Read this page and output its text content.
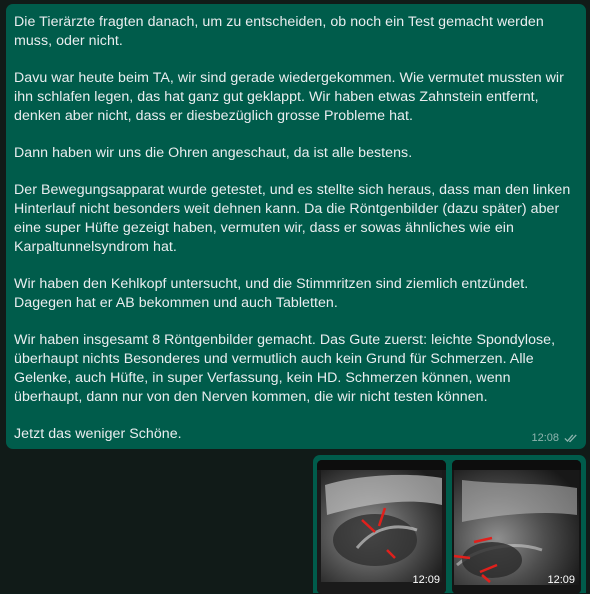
Die Tierärzte fragten danach, um zu entscheiden, ob noch ein Test gemacht werden muss, oder nicht.

Davu war heute beim TA, wir sind gerade wiedergekommen. Wie vermutet mussten wir ihn schlafen legen, das hat ganz gut geklappt. Wir haben etwas Zahnstein entfernt, denken aber nicht, dass er diesbezüglich grosse Probleme hat.

Dann haben wir uns die Ohren angeschaut, da ist alle bestens.

Der Bewegungsapparat wurde getestet, und es stellte sich heraus, dass man den linken Hinterlauf nicht besonders weit dehnen kann. Da die Röntgenbilder (dazu später) aber eine super Hüfte gezeigt haben, vermuten wir, dass er sowas ähnliches wie ein Karpaltunnelsyndrom hat.

Wir haben den Kehlkopf untersucht, und die Stimmritzen sind ziemlich entzündet. Dagegen hat er AB bekommen und auch Tabletten.

Wir haben insgesamt 8 Röntgenbilder gemacht. Das Gute zuerst: leichte Spondylose, überhaupt nichts Besonderes und vermutlich auch kein Grund für Schmerzen. Alle Gelenke, auch Hüfte, in super Verfassung, kein HD. Schmerzen können, wenn überhaupt, dann nur von den Nerven kommen, die wir nicht testen können.

Jetzt das weniger Schöne.	12:08
12:09	12:09
